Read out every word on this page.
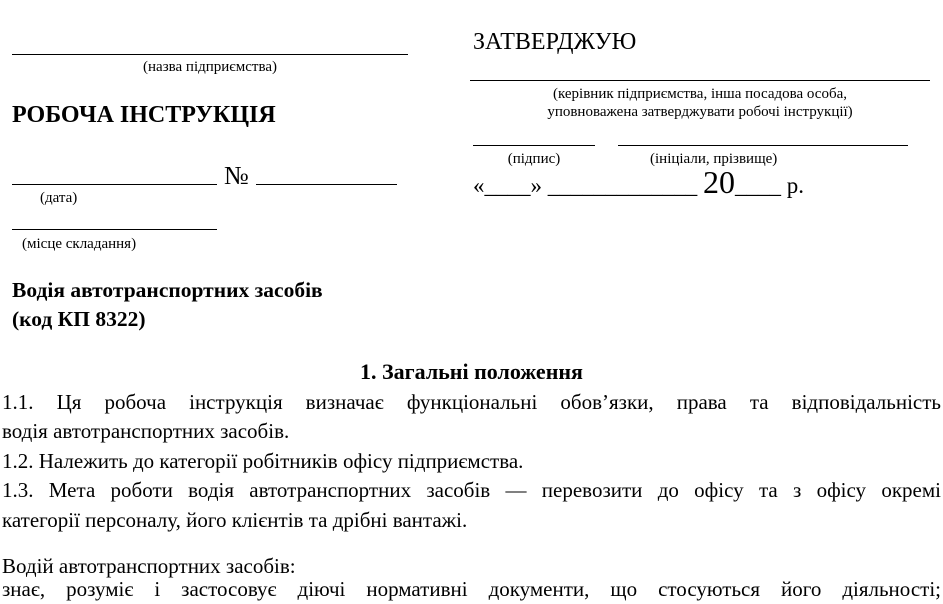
(назва підприємства)
РОБОЧА ІНСТРУКЦІЯ
№
(дата)
(місце складання)
ЗАТВЕРДЖУЮ
(керівник підприємства, інша посадова особа,
уповноважена затверджувати робочі інструкції)
(підпис)	(ініціали, прізвище)
«____» _____________ 20____ р.
Водія автотранспортних засобів
(код КП 8322)
1. Загальні положення
1.1. Ця робоча інструкція визначає функціональні обов’язки, права та відповідальність
водія автотранспортних засобів.
1.2. Належить до категорії робітників офісу підприємства.
1.3. Мета роботи водія автотранспортних засобів — перевозити до офісу та з офісу окремі
категорії персоналу, його клієнтів та дрібні вантажі.
Водій автотранспортних засобів:
знає, розуміє і застосовує діючі нормативні документи, що стосуються його діяльності;
